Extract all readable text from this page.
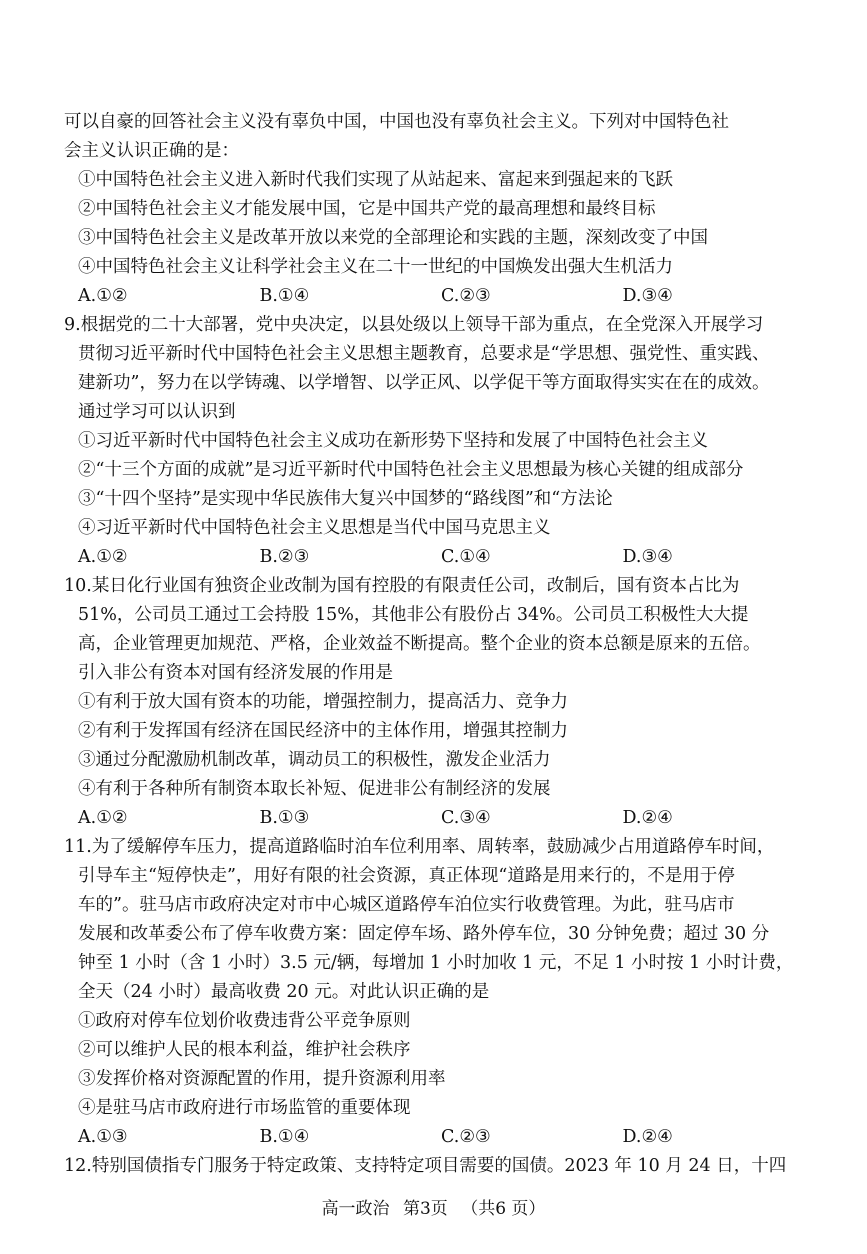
可以自豪的回答社会主义没有辜负中国，中国也没有辜负社会主义。下列对中国特色社
会主义认识正确的是：
①中国特色社会主义进入新时代我们实现了从站起来、富起来到强起来的飞跃
②中国特色社会主义才能发展中国，它是中国共产党的最高理想和最终目标
③中国特色社会主义是改革开放以来党的全部理论和实践的主题，深刻改变了中国
④中国特色社会主义让科学社会主义在二十一世纪的中国焕发出强大生机活力
A.①②	B.①④	C.②③	D.③④
9.根据党的二十大部署，党中央决定，以县处级以上领导干部为重点，在全党深入开展学习
贯彻习近平新时代中国特色社会主义思想主题教育，总要求是“学思想、强党性、重实践、
建新功”，努力在以学铸魂、以学增智、以学正风、以学促干等方面取得实实在在的成效。
通过学习可以认识到
①习近平新时代中国特色社会主义成功在新形势下坚持和发展了中国特色社会主义
②“十三个方面的成就”是习近平新时代中国特色社会主义思想最为核心关键的组成部分
③“十四个坚持”是实现中华民族伟大复兴中国梦的“路线图”和“方法论
④习近平新时代中国特色社会主义思想是当代中国马克思主义
A.①②	B.②③	C.①④	D.③④
10.某日化行业国有独资企业改制为国有控股的有限责任公司，改制后，国有资本占比为
51%，公司员工通过工会持股 15%，其他非公有股份占 34%。公司员工积极性大大提
高，企业管理更加规范、严格，企业效益不断提高。整个企业的资本总额是原来的五倍。
引入非公有资本对国有经济发展的作用是
①有利于放大国有资本的功能，增强控制力，提高活力、竞争力
②有利于发挥国有经济在国民经济中的主体作用，增强其控制力
③通过分配激励机制改革，调动员工的积极性，激发企业活力
④有利于各种所有制资本取长补短、促进非公有制经济的发展
A.①②	B.①③	C.③④	D.②④
11.为了缓解停车压力，提高道路临时泊车位利用率、周转率，鼓励减少占用道路停车时间，
引导车主“短停快走”，用好有限的社会资源，真正体现“道路是用来行的，不是用于停
车的”。驻马店市政府决定对市中心城区道路停车泊位实行收费管理。为此，驻马店市
发展和改革委公布了停车收费方案：固定停车场、路外停车位，30 分钟免费；超过 30 分
钟至 1 小时（含 1 小时）3.5 元/辆，每增加 1 小时加收 1 元，不足 1 小时按 1 小时计费，
全天（24 小时）最高收费 20 元。对此认识正确的是
①政府对停车位划价收费违背公平竞争原则
②可以维护人民的根本利益，维护社会秩序
③发挥价格对资源配置的作用，提升资源利用率
④是驻马店市政府进行市场监管的重要体现
A.①③	B.①④	C.②③	D.②④
12.特别国债指专门服务于特定政策、支持特定项目需要的国债。2023 年 10 月 24 日，十四
高一政治 第3页 （共6 页）
